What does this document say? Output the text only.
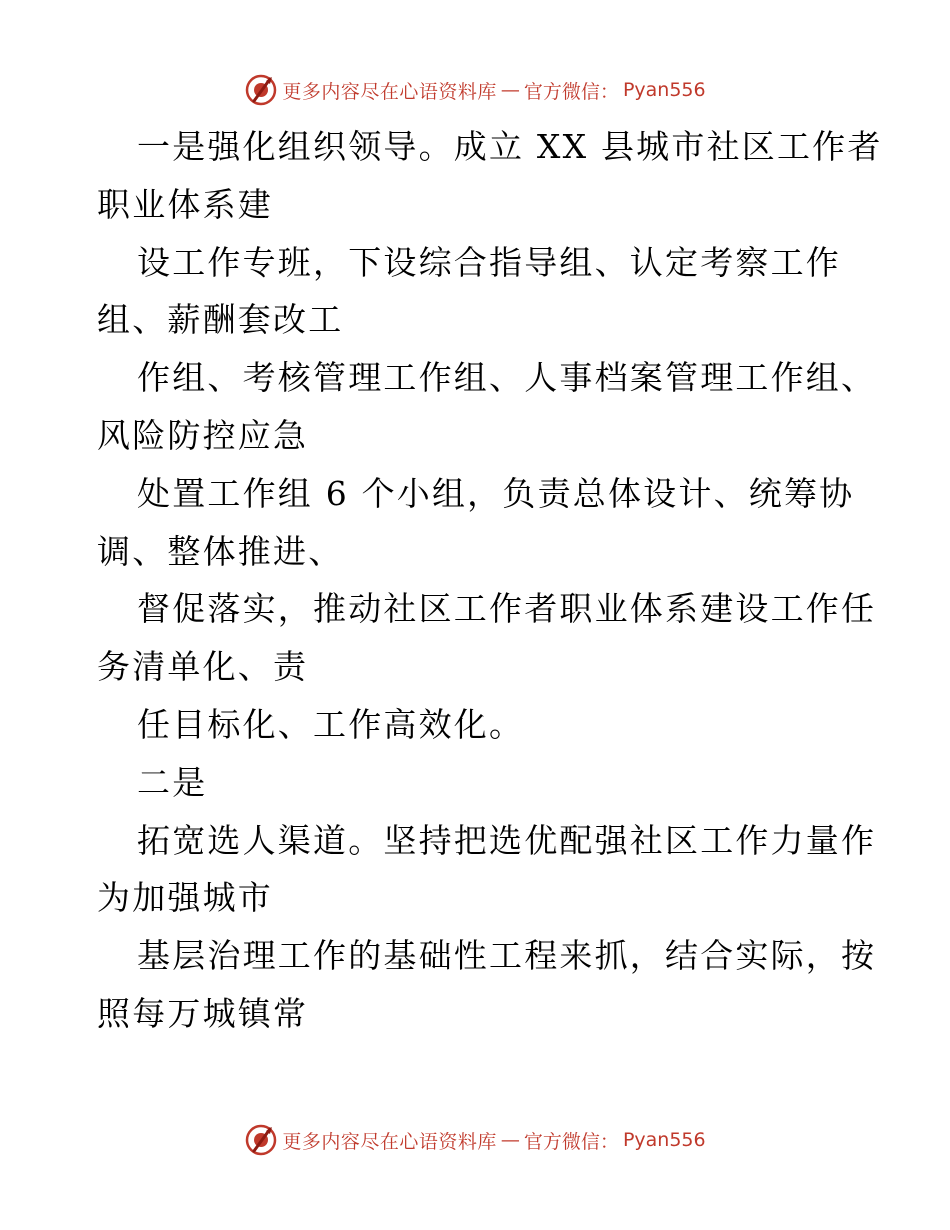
更多内容尽在心语资料库 — 官方微信： Pyan556
一是强化组织领导。成立 XX 县城市社区工作者
职业体系建
设工作专班，下设综合指导组、认定考察工作
组、薪酬套改工
作组、考核管理工作组、人事档案管理工作组、
风险防控应急
处置工作组 6 个小组，负责总体设计、统筹协
调、整体推进、
督促落实，推动社区工作者职业体系建设工作任
务清单化、责
任目标化、工作高效化。
二是
拓宽选人渠道。坚持把选优配强社区工作力量作
为加强城市
基层治理工作的基础性工程来抓，结合实际，按
照每万城镇常
更多内容尽在心语资料库 — 官方微信： Pyan556
